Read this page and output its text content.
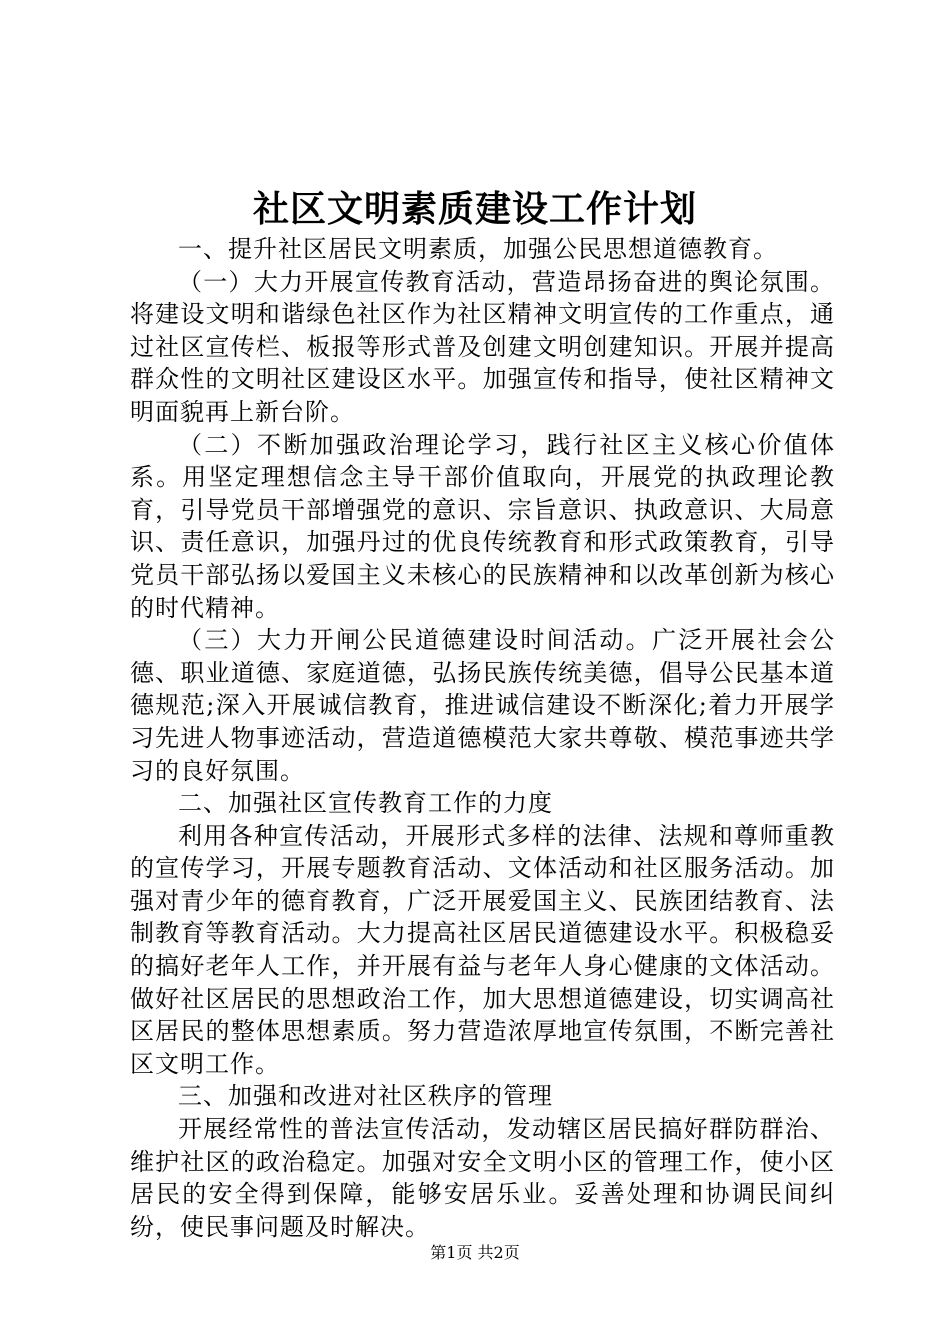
社区文明素质建设工作计划

一、提升社区居民文明素质，加强公民思想道德教育。

（一）大力开展宣传教育活动，营造昂扬奋进的舆论氛围。将建设文明和谐绿色社区作为社区精神文明宣传的工作重点，通过社区宣传栏、板报等形式普及创建文明创建知识。开展并提高群众性的文明社区建设区水平。加强宣传和指导，使社区精神文明面貌再上新台阶。

（二）不断加强政治理论学习，践行社区主义核心价值体系。用坚定理想信念主导干部价值取向，开展党的执政理论教育，引导党员干部增强党的意识、宗旨意识、执政意识、大局意识、责任意识，加强丹过的优良传统教育和形式政策教育，引导党员干部弘扬以爱国主义未核心的民族精神和以改革创新为核心的时代精神。

（三）大力开闸公民道德建设时间活动。广泛开展社会公德、职业道德、家庭道德，弘扬民族传统美德，倡导公民基本道德规范;深入开展诚信教育，推进诚信建设不断深化;着力开展学习先进人物事迹活动，营造道德模范大家共尊敬、模范事迹共学习的良好氛围。

二、加强社区宣传教育工作的力度

利用各种宣传活动，开展形式多样的法律、法规和尊师重教的宣传学习，开展专题教育活动、文体活动和社区服务活动。加强对青少年的德育教育，广泛开展爱国主义、民族团结教育、法制教育等教育活动。大力提高社区居民道德建设水平。积极稳妥的搞好老年人工作，并开展有益与老年人身心健康的文体活动。做好社区居民的思想政治工作，加大思想道德建设，切实调高社区居民的整体思想素质。努力营造浓厚地宣传氛围，不断完善社区文明工作。

三、加强和改进对社区秩序的管理

开展经常性的普法宣传活动，发动辖区居民搞好群防群治、维护社区的政治稳定。加强对安全文明小区的管理工作，使小区居民的安全得到保障，能够安居乐业。妥善处理和协调民间纠纷，使民事问题及时解决。

第1页 共2页
